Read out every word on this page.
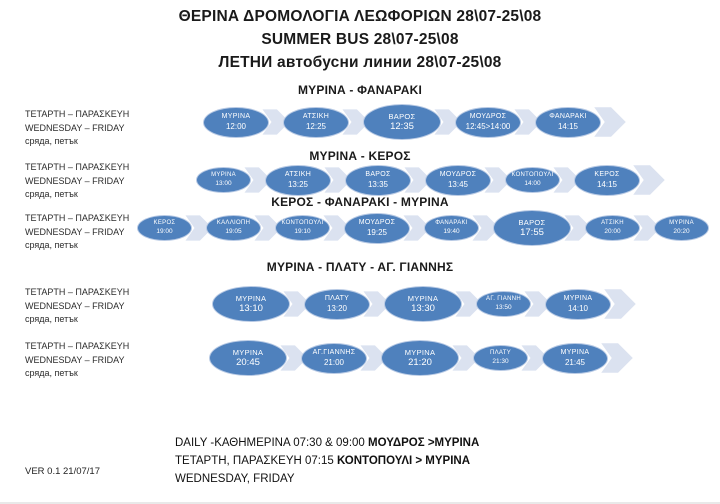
ΘΕΡΙΝΑ ΔΡΟΜΟΛΟΓΙΑ ΛΕΩΦΟΡΙΩΝ 28\07-25\08
SUMMER BUS 28\07-25\08
ЛЕТНИ автобусни линии 28\07-25\08
ΜΥΡΙΝΑ - ΦΑΝΑΡΑΚΙ
ΜΥΡΙΝΑ - ΚΕΡΟΣ
ΚΕΡΟΣ - ΦΑΝΑΡΑΚΙ - ΜΥΡΙΝΑ
ΜΥΡΙΝΑ - ΠΛΑΤΥ - ΑΓ. ΓΙΑΝΝΗΣ
ΤΕΤΑΡΤΗ – ΠΑΡΑΣΚΕΥΗ
WEDNESDAY – FRIDAY
сряда, петък
ΤΕΤΑΡΤΗ – ΠΑΡΑΣΚΕΥΗ
WEDNESDAY – FRIDAY
сряда, петък
ΤΕΤΑΡΤΗ – ΠΑΡΑΣΚΕΥΗ
WEDNESDAY – FRIDAY
сряда, петък
ΤΕΤΑΡΤΗ – ΠΑΡΑΣΚΕΥΗ
WEDNESDAY – FRIDAY
сряда, петък
ΤΕΤΑΡΤΗ – ΠΑΡΑΣΚΕΥΗ
WEDNESDAY – FRIDAY
сряда, петък
ΜΥΡΙΝΑ
12:00
ΑΤΣΙΚΗ
12:25
ΒΑΡΟΣ
12:35
ΜΟΥΔΡΟΣ
12:45>14:00
ΦΑΝΑΡΑΚΙ
14:15
ΜΥΡΙΝΑ
13:00
ΑΤΣΙΚΗ
13:25
ΒΑΡΟΣ
13:35
ΜΟΥΔΡΟΣ
13:45
ΚΟΝΤΟΠΟΥΛΙ
14:00
ΚΕΡΟΣ
14:15
ΚΕΡΟΣ
19:00
ΚΑΛΛΙΟΠΗ
19:05
ΚΟΝΤΟΠΟΥΛΙ
19:10
ΜΟΥΔΡΟΣ
19:25
ΦΑΝΑΡΑΚΙ
19:40
ΒΑΡΟΣ
17:55
ΑΤΣΙΚΗ
20:00
ΜΥΡΙΝΑ
20:20
ΜΥΡΙΝΑ
13:10
ΠΛΑΤΥ
13:20
ΜΥΡΙΝΑ
13:30
ΑΓ. ΓΙΑΝΝΗ
13:50
ΜΥΡΙΝΑ
14:10
ΜΥΡΙΝΑ
20:45
ΑΓ.ΓΙΑΝΝΗΣ
21:00
ΜΥΡΙΝΑ
21:20
ΠΛΑΤΥ
21:30
ΜΥΡΙΝΑ
21:45
DAILY -ΚΑΘΗΜΕΡΙΝΑ 07:30 & 09:00 ΜΟΥΔΡΟΣ >ΜΥΡΙΝΑ
ΤΕΤΑΡΤΗ, ΠΑΡΑΣΚΕΥΗ 07:15 ΚΟΝΤΟΠΟΥΛΙ > ΜΥΡΙΝΑ
WEDNESDAY, FRIDAY
VER 0.1 21/07/17
